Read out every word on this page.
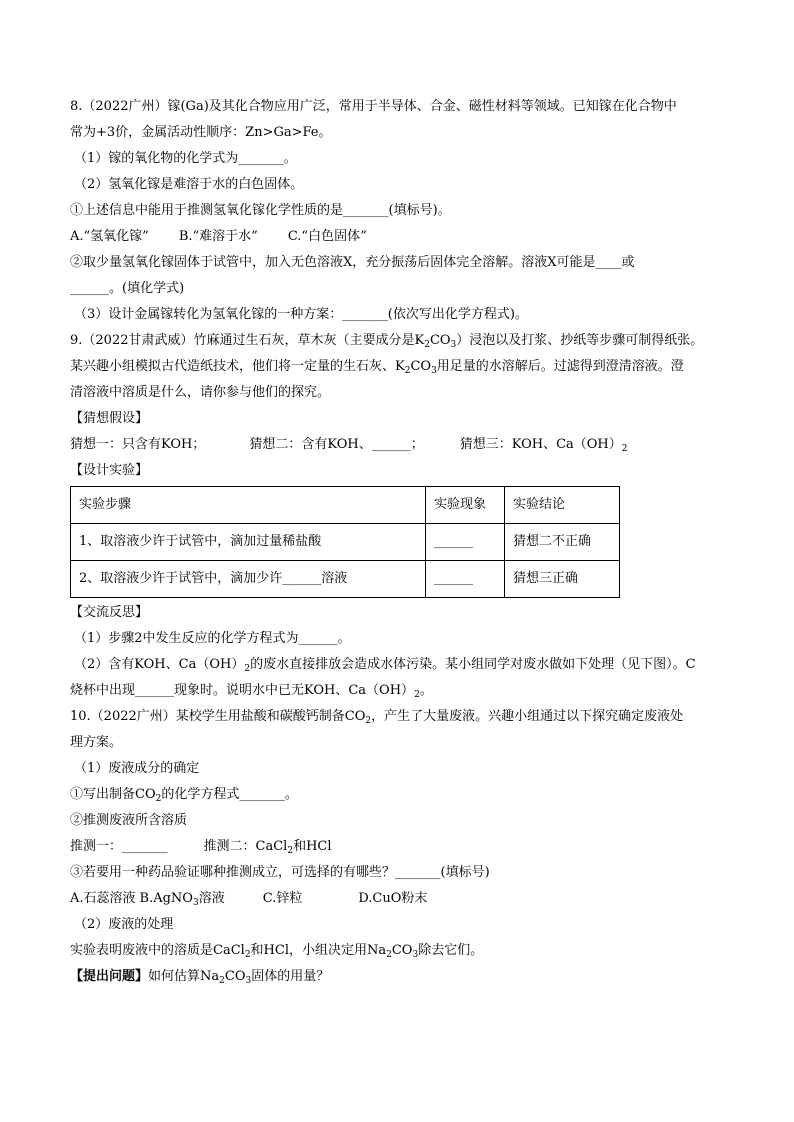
8.（2022广州）镓(Ga)及其化合物应用广泛，常用于半导体、合金、磁性材料等领域。已知镓在化合物中

常为+3价，金属活动性顺序：Zn>Ga>Fe。

（1）镓的氧化物的化学式为_______。

（2）氢氧化镓是难溶于水的白色固体。

①上述信息中能用于推测氢氧化镓化学性质的是_______(填标号)。

A.“氢氧化镓” B.“难溶于水” C.“白色固体”

②取少量氢氧化镓固体于试管中，加入无色溶液X，充分振荡后固体完全溶解。溶液X可能是____或

______。(填化学式)

（3）设计金属镓转化为氢氧化镓的一种方案：_______(依次写出化学方程式)。

9.（2022甘肃武威）竹麻通过生石灰，草木灰（主要成分是$K_2CO_3$）浸泡以及打浆、抄纸等步骤可制得纸张。

某兴趣小组模拟古代造纸技术，他们将一定量的生石灰、$K_2CO_3$用足量的水溶解后。过滤得到澄清溶液。澄

清溶液中溶质是什么，请你参与他们的探究。

【猜想假设】

猜想一：只含有KOH；	猜想二：含有KOH、______；	猜想三：KOH、$Ca(OH)_2$

【设计实验】

实验步骤	实验现象	实验结论
1、取溶液少许于试管中，滴加过量稀盐酸	______	猜想二不正确
2、取溶液少许于试管中，滴加少许______溶液	______	猜想三正确

【交流反思】

（1）步骤2中发生反应的化学方程式为______。

（2）含有KOH、$Ca(OH)_2$的废水直接排放会造成水体污染。某小组同学对废水做如下处理（见下图）。C

烧杯中出现______现象时。说明水中已无KOH、$Ca(OH)_2$。

10.（2022广州）某校学生用盐酸和碳酸钙制备$CO_2$，产生了大量废液。兴趣小组通过以下探究确定废液处

理方案。

（1）废液成分的确定

①写出制备$CO_2$的化学方程式_______。

②推测废液所含溶质

推测一：_______	推测二：CaCl$_2$和HCl

③若要用一种药品验证哪种推测成立，可选择的有哪些？_______(填标号)

A.石蕊溶液 B.AgNO$_3$溶液	C.锌粒	D.CuO粉末

（2）废液的处理

实验表明废液中的溶质是CaCl$_2$和HCl，小组决定用$Na_2CO_3$除去它们。

【提出问题】如何估算$Na_2CO_3$固体的用量？
